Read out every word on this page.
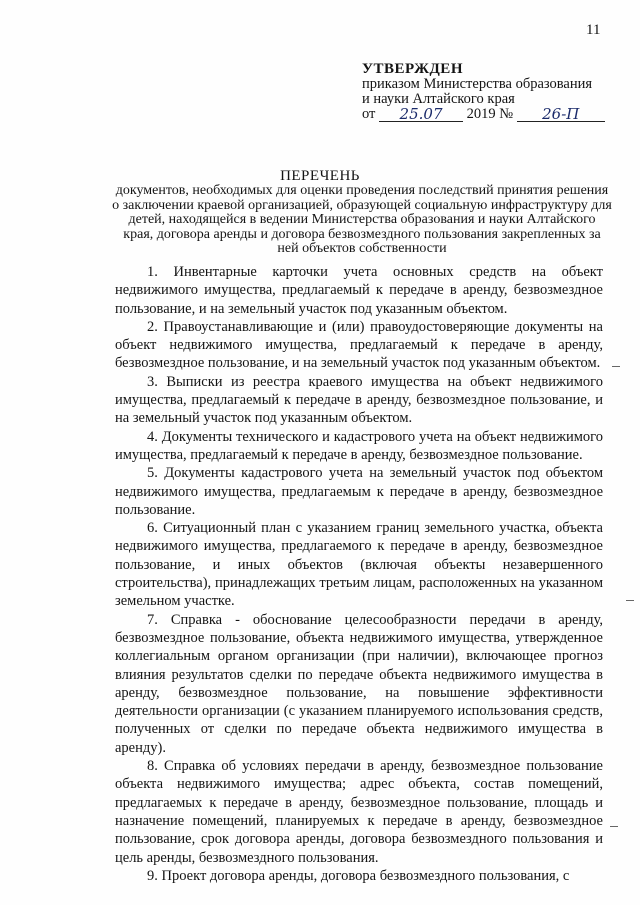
11
УТВЕРЖДЕН
приказом Министерства образования
и науки Алтайского края
от 25.07 2019 № 26-П
ПЕРЕЧЕНЬ
документов, необходимых для оценки проведения последствий принятия решения о заключении краевой организацией, образующей социальную инфраструктуру для детей, находящейся в ведении Министерства образования и науки Алтайского края, договора аренды и договора безвозмездного пользования закрепленных за ней объектов собственности

1. Инвентарные карточки учета основных средств на объект недвижимого имущества, предлагаемый к передаче в аренду, безвозмездное пользование, и на земельный участок под указанным объектом.

2. Правоустанавливающие и (или) правоудостоверяющие документы на объект недвижимого имущества, предлагаемый к передаче в аренду, безвозмездное пользование, и на земельный участок под указанным объектом.

3. Выписки из реестра краевого имущества на объект недвижимого имущества, предлагаемый к передаче в аренду, безвозмездное пользование, и на земельный участок под указанным объектом.

4. Документы технического и кадастрового учета на объект недвижимого имущества, предлагаемый к передаче в аренду, безвозмездное пользование.

5. Документы кадастрового учета на земельный участок под объектом недвижимого имущества, предлагаемым к передаче в аренду, безвозмездное пользование.

6. Ситуационный план с указанием границ земельного участка, объекта недвижимого имущества, предлагаемого к передаче в аренду, безвозмездное пользование, и иных объектов (включая объекты незавершенного строительства), принадлежащих третьим лицам, расположенных на указанном земельном участке.

7. Справка - обоснование целесообразности передачи в аренду, безвозмездное пользование, объекта недвижимого имущества, утвержденное коллегиальным органом организации (при наличии), включающее прогноз влияния результатов сделки по передаче объекта недвижимого имущества в аренду, безвозмездное пользование, на повышение эффективности деятельности организации (с указанием планируемого использования средств, полученных от сделки по передаче объекта недвижимого имущества в аренду).

8. Справка об условиях передачи в аренду, безвозмездное пользование объекта недвижимого имущества; адрес объекта, состав помещений, предлагаемых к передаче в аренду, безвозмездное пользование, площадь и назначение помещений, планируемых к передаче в аренду, безвозмездное пользование, срок договора аренды, договора безвозмездного пользования и цель аренды, безвозмездного пользования.

9. Проект договора аренды, договора безвозмездного пользования, с
